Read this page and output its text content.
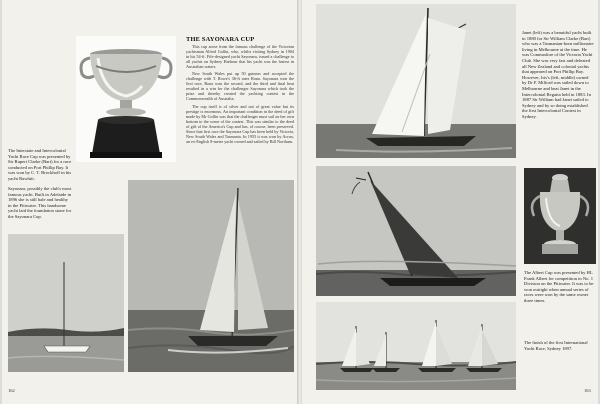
The Interstate and Intercolonial Yacht Race Cup was presented by Sir Rupert Clarke (Bart) for a race conducted on Port Phillip Bay. It was won by C. T. Brockhoff in his yacht Rawhiti.
THE SAYONARA CUP

This cup arose from the famous challenge of the Victorian yachtsman Alfred Gollin, who, whilst visiting Sydney in 1904 in his 54-ft. Fife-designed yacht Sayonara, issued a challenge to all yachts on Sydney Harbour that his yacht was the fastest in Australian waters.

New South Wales put up 50 guineas and accepted the challenge with T. Rowe's 36-ft rater Rona. Sayonara won the first race, Rona won the second, and the third and final heat resulted in a win for the challenger Sayonara which took the prize and thereby created the yachting contest in the Commonwealth of Australia.

The cup itself is of silver and not of great value but its prestige is enormous. An important condition in the deed of gift made by Mr Gollin was that the challenger must sail on her own bottom to the scene of the contest. This was similar to the deed of gift of the America's Cup and has, of course, been preserved. Since that first race the Sayonara Cup has been held by Victoria, New South Wales and Tasmania. In 1955 it was won by Acrux, an ex-English 8-metre yacht owned and sailed by Bill Northam.

Sayonara, possibly the club's most famous yacht. Built in Adelaide in 1896 she is still hale and healthy in the Pittwater. This handsome yacht laid the foundation stone for the Sayonara Cup.
162
Janet (left) was a beautiful yacht built in 1880 for Sir William Clarke (Bart) who was a Tasmanian-born millionaire living in Melbourne at the time. He was Commodore of the Victoria Yacht Club. She was very fast and defeated all New Zealand and colonial yachts that appeared on Port Phillip Bay. However, Iris's (left, middle) owned by Dr F. Milford was sailed down to Melbourne and beat Janet in the Intercolonial Regatta held in 1883. In 1887 Sir William had Janet sailed to Sydney and by so doing established the first Intercolonial Contest in Sydney.
The Albert Cup was presented by HL Frank Albert for competition in No. 1 Division on the Pittwater. It was to be won outright when annual series of races were won by the same owner three times.
The finish of the first International Yacht Race, Sydney 1897.
163
